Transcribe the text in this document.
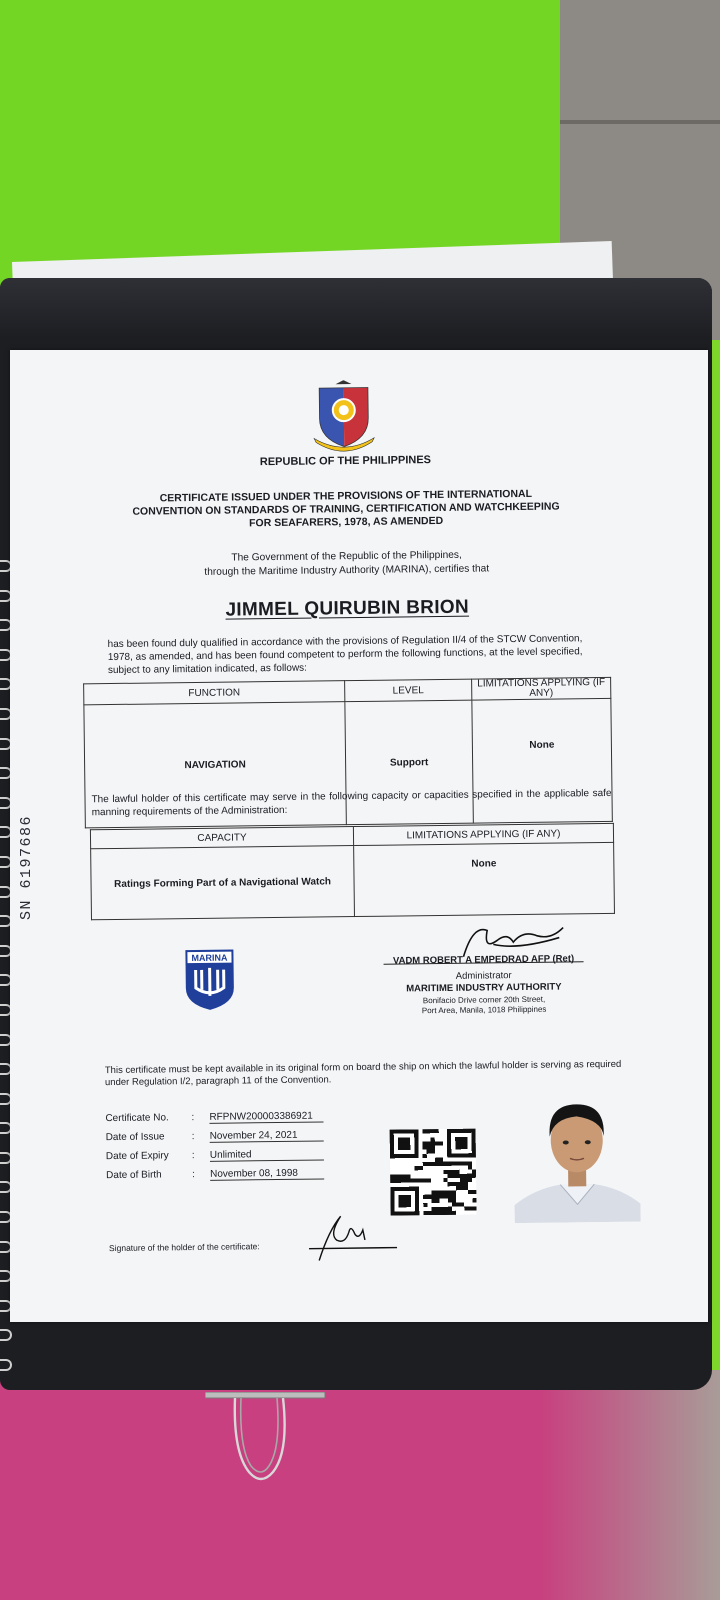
REPUBLIC OF THE PHILIPPINES
CERTIFICATE ISSUED UNDER THE PROVISIONS OF THE INTERNATIONAL
CONVENTION ON STANDARDS OF TRAINING, CERTIFICATION AND WATCHKEEPING
FOR SEAFARERS, 1978, AS AMENDED
The Government of the Republic of the Philippines,
through the Maritime Industry Authority (MARINA), certifies that
JIMMEL QUIRUBIN BRION
has been found duly qualified in accordance with the provisions of Regulation II/4 of the STCW Convention, 1978, as amended, and has been found competent to perform the following functions, at the level specified, subject to any limitation indicated, as follows:
FUNCTION	LEVEL	LIMITATIONS APPLYING (IF ANY)
NAVIGATION	Support	None
The lawful holder of this certificate may serve in the following capacity or capacities specified in the applicable safe manning requirements of the Administration:
CAPACITY	LIMITATIONS APPLYING (IF ANY)
Ratings Forming Part of a Navigational Watch	None
MARINA	VADM ROBERT A EMPEDRAD AFP (Ret)
Administrator
MARITIME INDUSTRY AUTHORITY
Bonifacio Drive corner 20th Street,
Port Area, Manila, 1018 Philippines
This certificate must be kept available in its original form on board the ship on which the lawful holder is serving as required under Regulation I/2, paragraph 11 of the Convention.
Certificate No. : RFPNW200003386921
Date of Issue	: November 24, 2021
Date of Expiry : Unlimited
Date of Birth	: November 08, 1998
Signature of the holder of the certificate:
SN 6197686
